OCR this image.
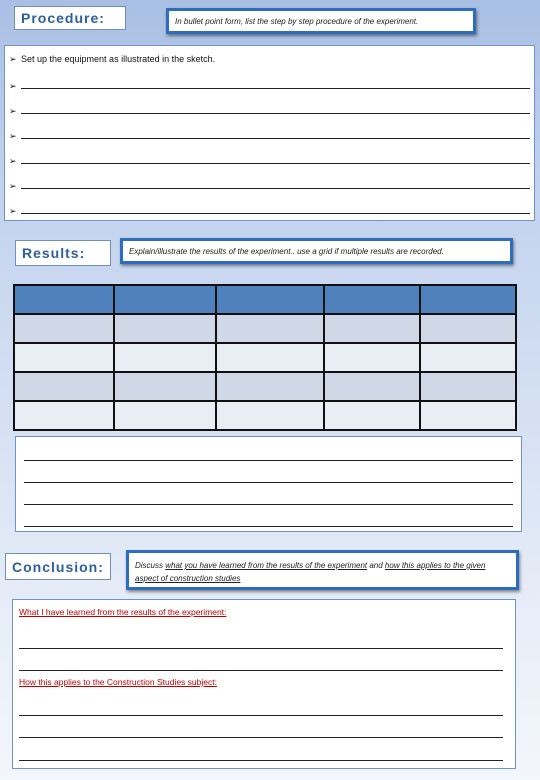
Procedure:	In bullet point form, list the step by step procedure of the experiment.
➢ Set up the equipment as illustrated in the sketch.
➢
➢
➢
➢
➢
➢
Results:	Explain/illustrate the results of the experiment.. use a grid if multiple results are recorded.

Conclusion:	Discuss what you have learned from the results of the experiment and how this applies to the given aspect of construction studies
What I have learned from the results of the experiment:
How this applies to the Construction Studies subject:
